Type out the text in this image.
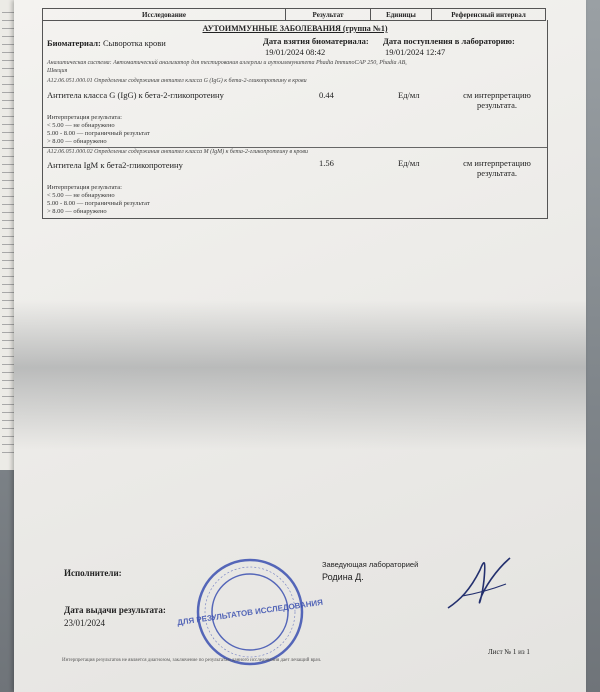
Исследование	Результат	Единицы	Референсный интервал
АУТОИММУННЫЕ ЗАБОЛЕВАНИЯ (группа №1)
Биоматериал: Сыворотка крови	Дата взятия биоматериала:
19/01/2024 08:42
Дата поступления в лабораторию:
19/01/2024 12:47
Аналитическая система: Автоматический анализатор для тестирования аллергии и аутоиммунитета Phadia ImmunoCAP 250, Phadia AB,
Швеция
A12.06.051.000.01 Определение содержания антител класса G (IgG) к бета-2-гликопротеину в крови
Антитела класса G (IgG) к бета-2-гликопротеину	0.44	Ед/мл	см интерпретацию
результата.
Интерпретация результата:
< 5.00 — не обнаружено
5.00 - 8.00 — пограничный результат
> 8.00 — обнаружено
A12.06.051.000.02 Определение содержания антител класса M (IgM) к бета-2-гликопротеину в крови
Антитела IgM к бета2-гликопротеину	1.56	Ед/мл	см интерпретацию
результата.
Интерпретация результата:
< 5.00 — не обнаружено
5.00 - 8.00 — пограничный результат
> 8.00 — обнаружено
Исполнители:
Заведующая лабораторией
Родина Д.
Дата выдачи результата:
23/01/2024	ДЛЯ РЕЗУЛЬТАТОВ ИССЛЕДОВАНИЯ
Лист № 1 из 1
Интерпретация результатов не является диагнозом, заключение по результатам данного исследования дает лечащий врач.
